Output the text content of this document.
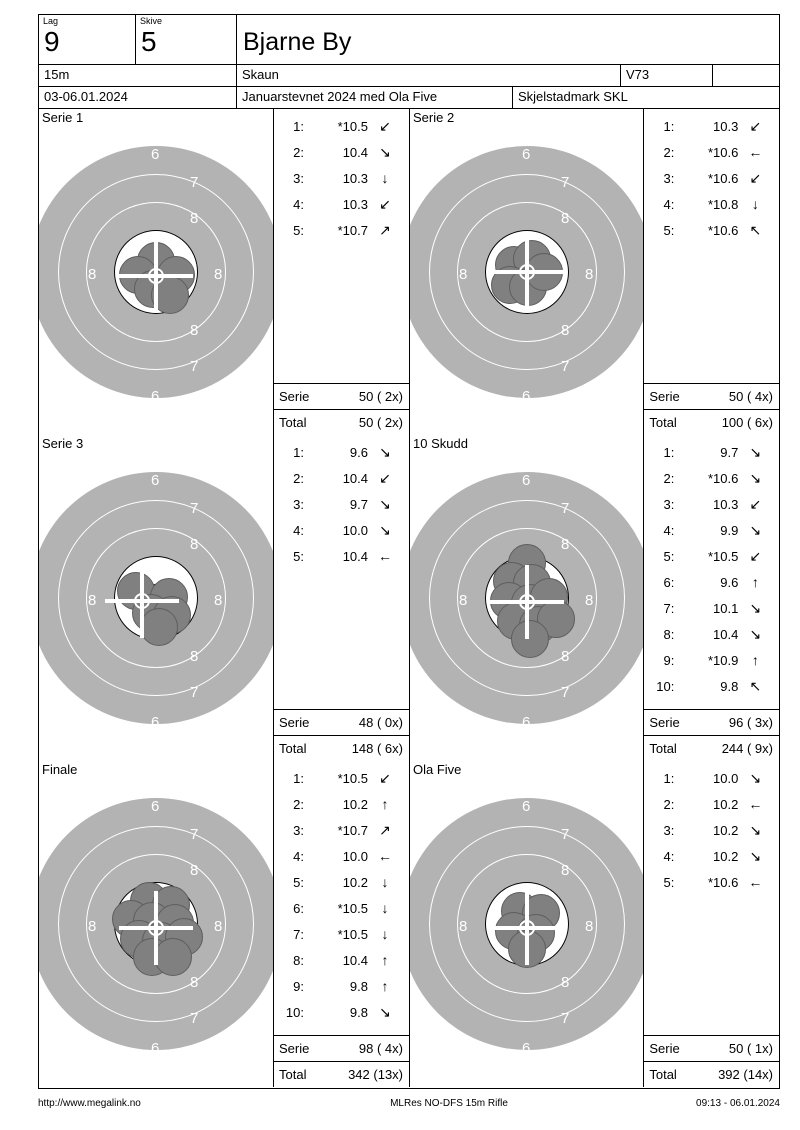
Lag
9
Skive
5	Bjarne By
15m	Skaun	V73
03-06.01.2024	Januarstevnet 2024 med Ola Five	Skjelstadmark SKL
6
6
7
7
8
8
8	8
Serie 1
1:	*10.5 ↙
2:	10.4 ↘
3:	10.3 ↓
4:	10.3 ↙
5:	*10.7 ↗
Serie	50 ( 2x)
Total	50 ( 2x)
6
6
7
7
8
8
8	8
Serie 2
1:	10.3 ↙
2:	*10.6 ←
3:	*10.6 ↙
4:	*10.8 ↓
5:	*10.6 ↖
Serie	50 ( 4x)
Total	100 ( 6x)
6
6
7
7
8
8
8	8
Serie 3
1:	9.6 ↘
2:	10.4 ↙
3:	9.7 ↘
4:	10.0 ↘
5:	10.4 ←
Serie	48 ( 0x)
Total	148 ( 6x)
6
6
7
7
8
8
8	8
10 Skudd
1:	9.7 ↘
2:	*10.6 ↘
3:	10.3 ↙
4:	9.9 ↘
5:	*10.5 ↙
6:	9.6 ↑
7:	10.1 ↘
8:	10.4 ↘
9:	*10.9 ↑
10:	9.8 ↖
Serie	96 ( 3x)
Total	244 ( 9x)
6
6
7
7
8
8
8	8
Finale
1:	*10.5 ↙
2:	10.2 ↑
3:	*10.7 ↗
4:	10.0 ←
5:	10.2 ↓
6:	*10.5 ↓
7:	*10.5 ↓
8:	10.4 ↑
9:	9.8 ↑
10:	9.8 ↘
Serie	98 ( 4x)
Total	342 (13x)
6
6
7
7
8
8
8	8
Ola Five
1:	10.0 ↘
2:	10.2 ←
3:	10.2 ↘
4:	10.2 ↘
5:	*10.6 ←
Serie	50 ( 1x)
Total	392 (14x)
http://www.megalink.no	MLRes NO-DFS 15m Rifle	09:13 - 06.01.2024
